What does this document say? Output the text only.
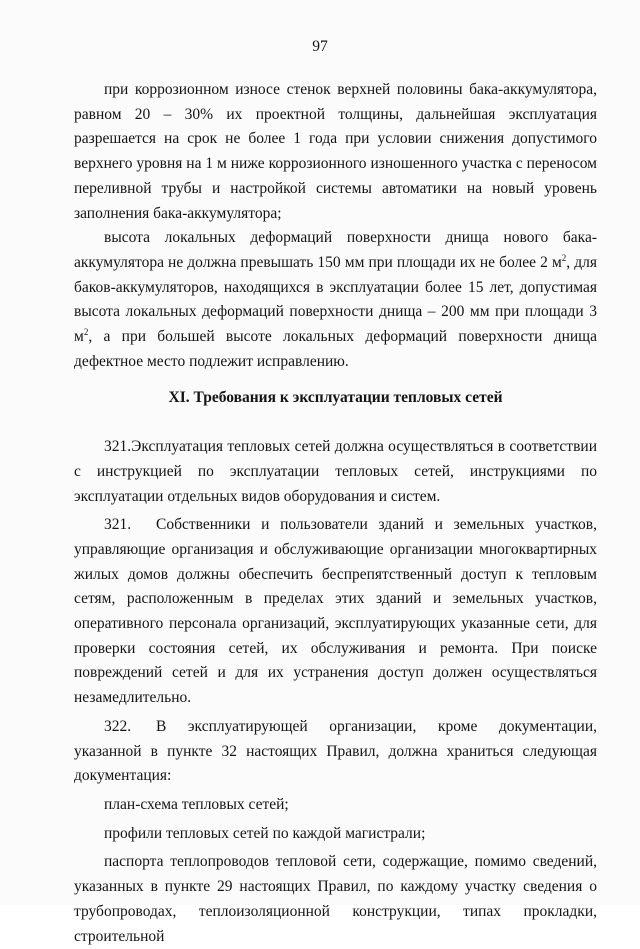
97

при коррозионном износе стенок верхней половины бака-аккумулятора, равном 20 – 30% их проектной толщины, дальнейшая эксплуатация разрешается на срок не более 1 года при условии снижения допустимого верхнего уровня на 1 м ниже коррозионного изношенного участка с переносом переливной трубы и настройкой системы автоматики на новый уровень заполнения бака-аккумулятора;

высота локальных деформаций поверхности днища нового бака-аккумулятора не должна превышать 150 мм при площади их не более 2 $м^2$, для баков-аккумуляторов, находящихся в эксплуатации более 15 лет, допустимая высота локальных деформаций поверхности днища – 200 мм при площади 3 $м^2$, а при большей высоте локальных деформаций поверхности днища дефектное место подлежит исправлению.

XI. Требования к эксплуатации тепловых сетей

321.Эксплуатация тепловых сетей должна осуществляться в соответствии с инструкцией по эксплуатации тепловых сетей, инструкциями по эксплуатации отдельных видов оборудования и систем.

321. Собственники и пользователи зданий и земельных участков, управляющие организация и обслуживающие организации многоквартирных жилых домов должны обеспечить беспрепятственный доступ к тепловым сетям, расположенным в пределах этих зданий и земельных участков, оперативного персонала организаций, эксплуатирующих указанные сети, для проверки состояния сетей, их обслуживания и ремонта. При поиске повреждений сетей и для их устранения доступ должен осуществляться незамедлительно.

322. В эксплуатирующей организации, кроме документации, указанной в пункте 32 настоящих Правил, должна храниться следующая документация:

план-схема тепловых сетей;

профили тепловых сетей по каждой магистрали;

паспорта теплопроводов тепловой сети, содержащие, помимо сведений, указанных в пункте 29 настоящих Правил, по каждому участку сведения о трубопроводах, теплоизоляционной конструкции, типах прокладки, строительной
